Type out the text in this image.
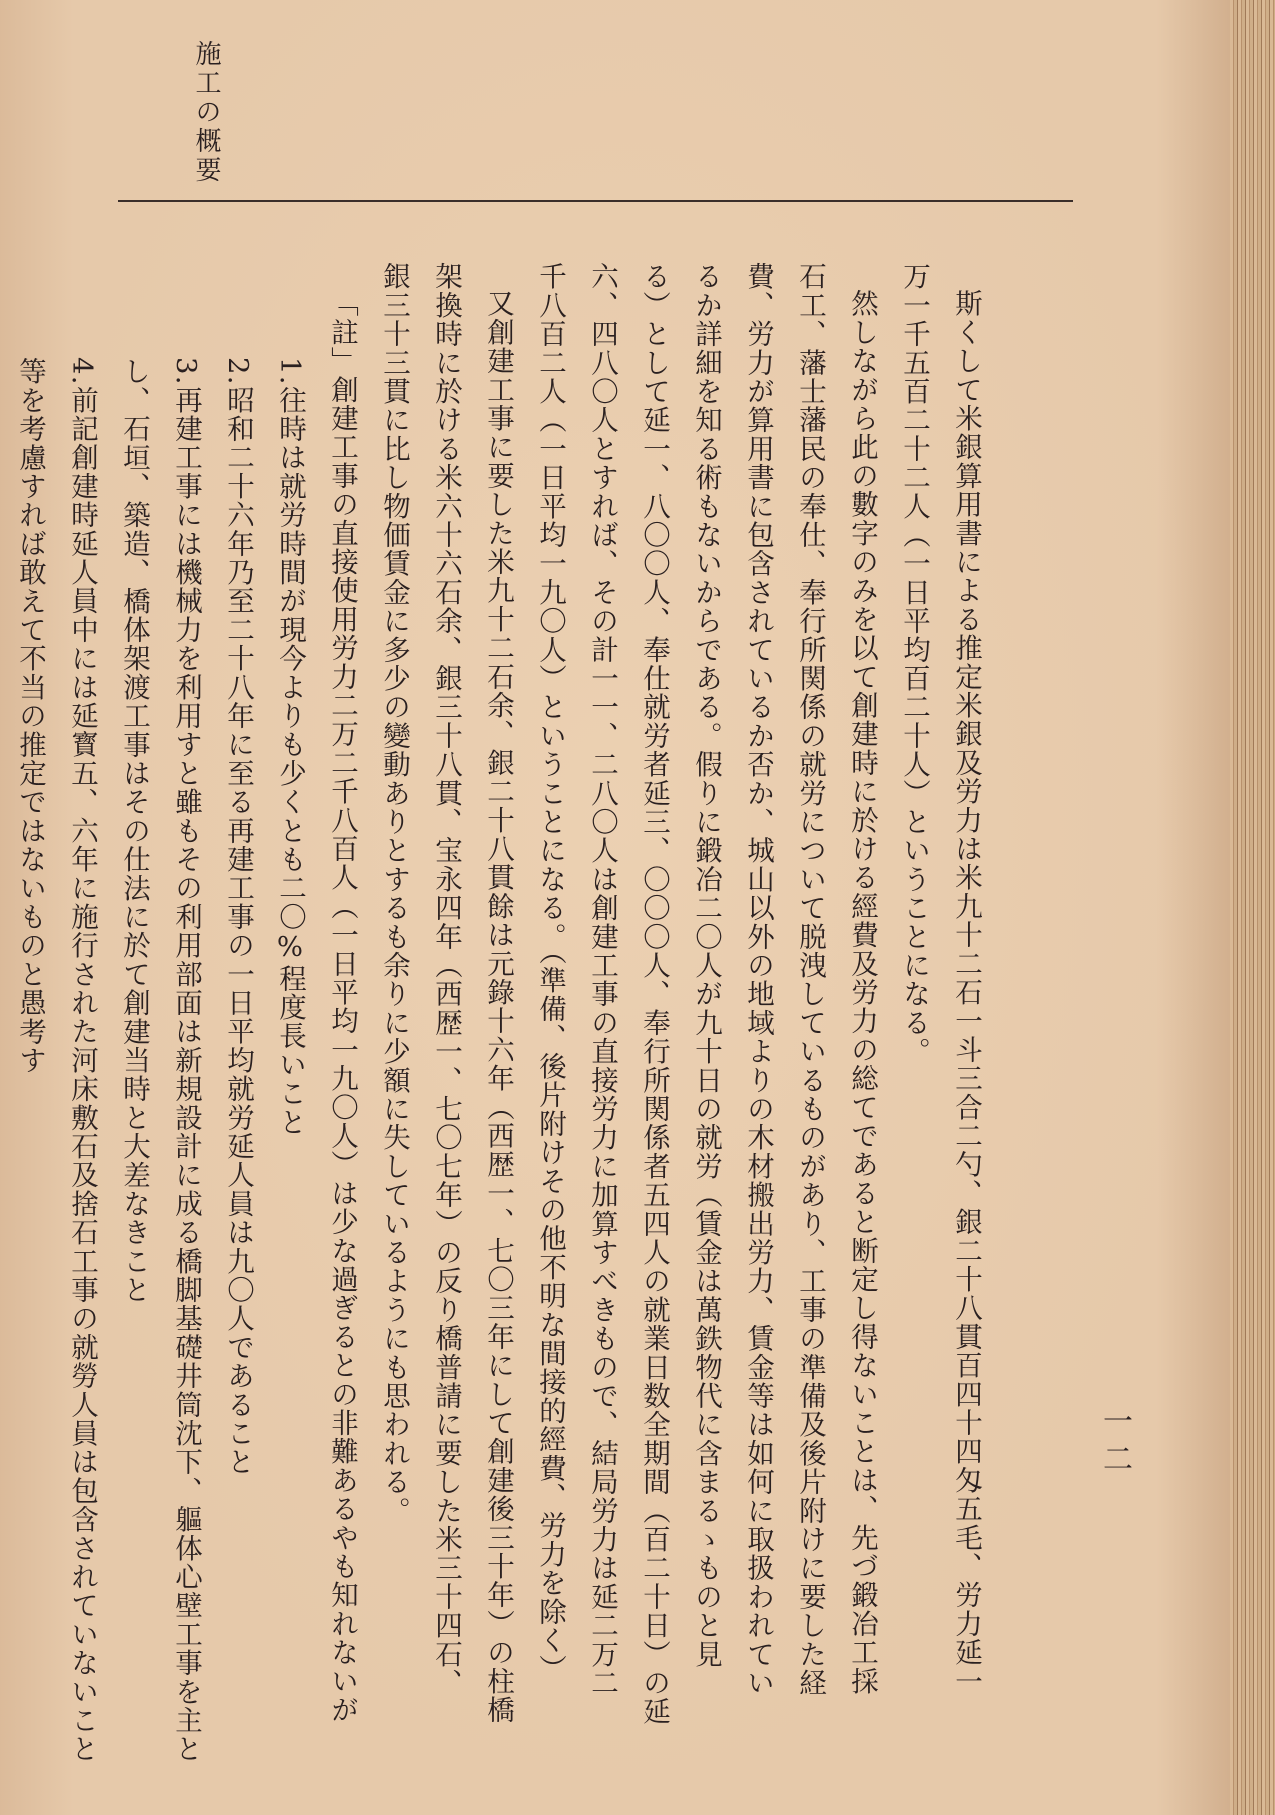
施工の概要
一二

斯くして米銀算用書による推定米銀及労力は米九十二石一斗三合二勺、銀二十八貫百四十四匁五毛、労力延一

万一千五百二十二人（一日平均百二十人）ということになる。

然しながら此の數字のみを以て創建時に於ける經費及労力の総てであると断定し得ないことは、先づ鍛冶工採

石工、藩士藩民の奉仕、奉行所関係の就労について脱洩しているものがあり、工事の準備及後片附けに要した経

費、労力が算用書に包含されているか否か、城山以外の地域よりの木材搬出労力、賃金等は如何に取扱われてい

るか詳細を知る術もないからである。假りに鍛冶二〇人が九十日の就労（賃金は萬鉄物代に含まるゝものと見

る）として延一、八〇〇人、奉仕就労者延三、〇〇〇人、奉行所関係者五四人の就業日数全期間（百二十日）の延

六、四八〇人とすれば、その計一一、二八〇人は創建工事の直接労力に加算すべきもので、結局労力は延二万二

千八百二人（一日平均一九〇人）ということになる。（準備、後片附けその他不明な間接的經費、労力を除く）

又創建工事に要した米九十二石余、銀二十八貫餘は元錄十六年（西歴一、七〇三年にして創建後三十年）の柱橋

架換時に於ける米六十六石余、銀三十八貫、宝永四年（西歴一、七〇七年）の反り橋普請に要した米三十四石、

銀三十三貫に比し物価賃金に多少の變動ありとするも余りに少額に失しているようにも思われる。

「註」創建工事の直接使用労力二万二千八百人（一日平均一九〇人）は少な過ぎるとの非難あるやも知れないが

1.往時は就労時間が現今よりも少くとも二〇%程度長いこと

2.昭和二十六年乃至二十八年に至る再建工事の一日平均就労延人員は九〇人であること

3.再建工事には機械力を利用すと雖もその利用部面は新規設計に成る橋脚基礎井筒沈下、軀体心壁工事を主と

し、石垣、築造、橋体架渡工事はその仕法に於て創建当時と大差なきこと

4.前記創建時延人員中には延寳五、六年に施行された河床敷石及捨石工事の就勞人員は包含されていないこと

等を考慮すれば敢えて不当の推定ではないものと愚考す
